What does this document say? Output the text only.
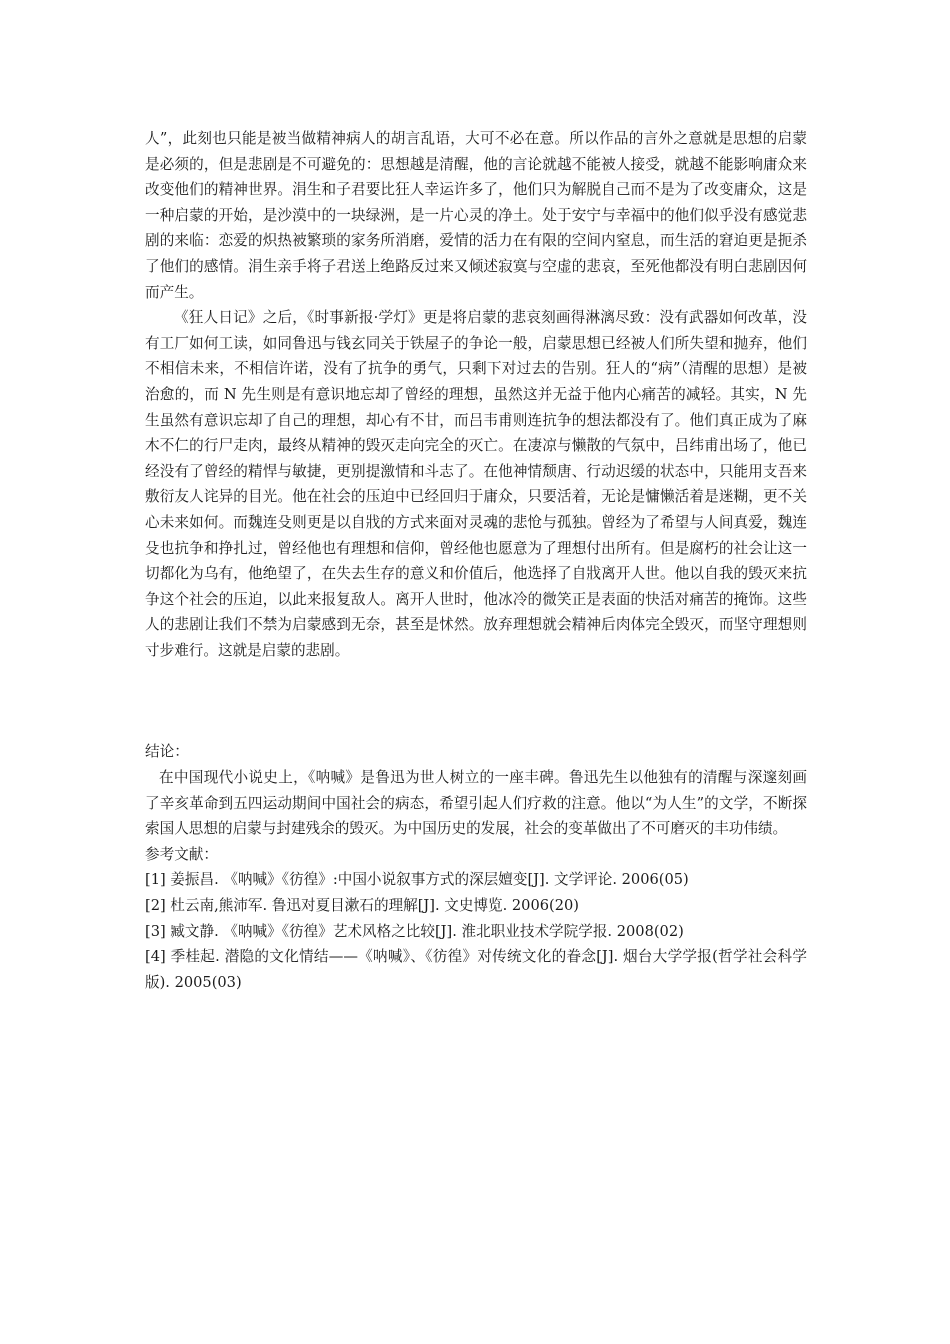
人”，此刻也只能是被当做精神病人的胡言乱语，大可不必在意。所以作品的言外之意就是思想的启蒙是必须的，但是悲剧是不可避免的：思想越是清醒，他的言论就越不能被人接受，就越不能影响庸众来改变他们的精神世界。涓生和子君要比狂人幸运许多了，他们只为解脱自己而不是为了改变庸众，这是一种启蒙的开始，是沙漠中的一块绿洲，是一片心灵的净土。处于安宁与幸福中的他们似乎没有感觉悲剧的来临：恋爱的炽热被繁琐的家务所消磨，爱情的活力在有限的空间内窒息，而生活的窘迫更是扼杀了他们的感情。涓生亲手将子君送上绝路反过来又倾述寂寞与空虚的悲哀，至死他都没有明白悲剧因何而产生。

《狂人日记》之后，《时事新报·学灯》更是将启蒙的悲哀刻画得淋漓尽致：没有武器如何改革，没有工厂如何工读，如同鲁迅与钱玄同关于铁屋子的争论一般，启蒙思想已经被人们所失望和抛弃，他们不相信未来，不相信许诺，没有了抗争的勇气，只剩下对过去的告别。狂人的“病”（清醒的思想）是被治愈的，而 N 先生则是有意识地忘却了曾经的理想，虽然这并无益于他内心痛苦的减轻。其实，N 先生虽然有意识忘却了自己的理想，却心有不甘，而吕韦甫则连抗争的想法都没有了。他们真正成为了麻木不仁的行尸走肉，最终从精神的毁灭走向完全的灭亡。在凄凉与懒散的气氛中，吕纬甫出场了，他已经没有了曾经的精悍与敏捷，更别提激情和斗志了。在他神情颓唐、行动迟缓的状态中，只能用支吾来敷衍友人诧异的目光。他在社会的压迫中已经回归于庸众，只要活着，无论是慵懒活着是迷糊，更不关心未来如何。而魏连殳则更是以自戕的方式来面对灵魂的悲怆与孤独。曾经为了希望与人间真爱，魏连殳也抗争和挣扎过，曾经他也有理想和信仰，曾经他也愿意为了理想付出所有。但是腐朽的社会让这一切都化为乌有，他绝望了，在失去生存的意义和价值后，他选择了自戕离开人世。他以自我的毁灭来抗争这个社会的压迫，以此来报复敌人。离开人世时，他冰冷的微笑正是表面的快活对痛苦的掩饰。这些人的悲剧让我们不禁为启蒙感到无奈，甚至是怵然。放弃理想就会精神后肉体完全毁灭，而坚守理想则寸步难行。这就是启蒙的悲剧。

结论：

在中国现代小说史上，《呐喊》是鲁迅为世人树立的一座丰碑。鲁迅先生以他独有的清醒与深邃刻画了辛亥革命到五四运动期间中国社会的病态，希望引起人们疗救的注意。他以“为人生”的文学，不断探索国人思想的启蒙与封建残余的毁灭。为中国历史的发展，社会的变革做出了不可磨灭的丰功伟绩。

参考文献：

[1] 姜振昌. 《呐喊》《彷徨》:中国小说叙事方式的深层嬗变[J]. 文学评论. 2006(05)
[2] 杜云南,熊沛军. 鲁迅对夏目漱石的理解[J]. 文史博览. 2006(20)
[3] 臧文静. 《呐喊》《彷徨》艺术风格之比较[J]. 淮北职业技术学院学报. 2008(02)
[4] 季桂起. 潜隐的文化情结——《呐喊》、《彷徨》对传统文化的眷念[J]. 烟台大学学报(哲学社会科学版). 2005(03)
